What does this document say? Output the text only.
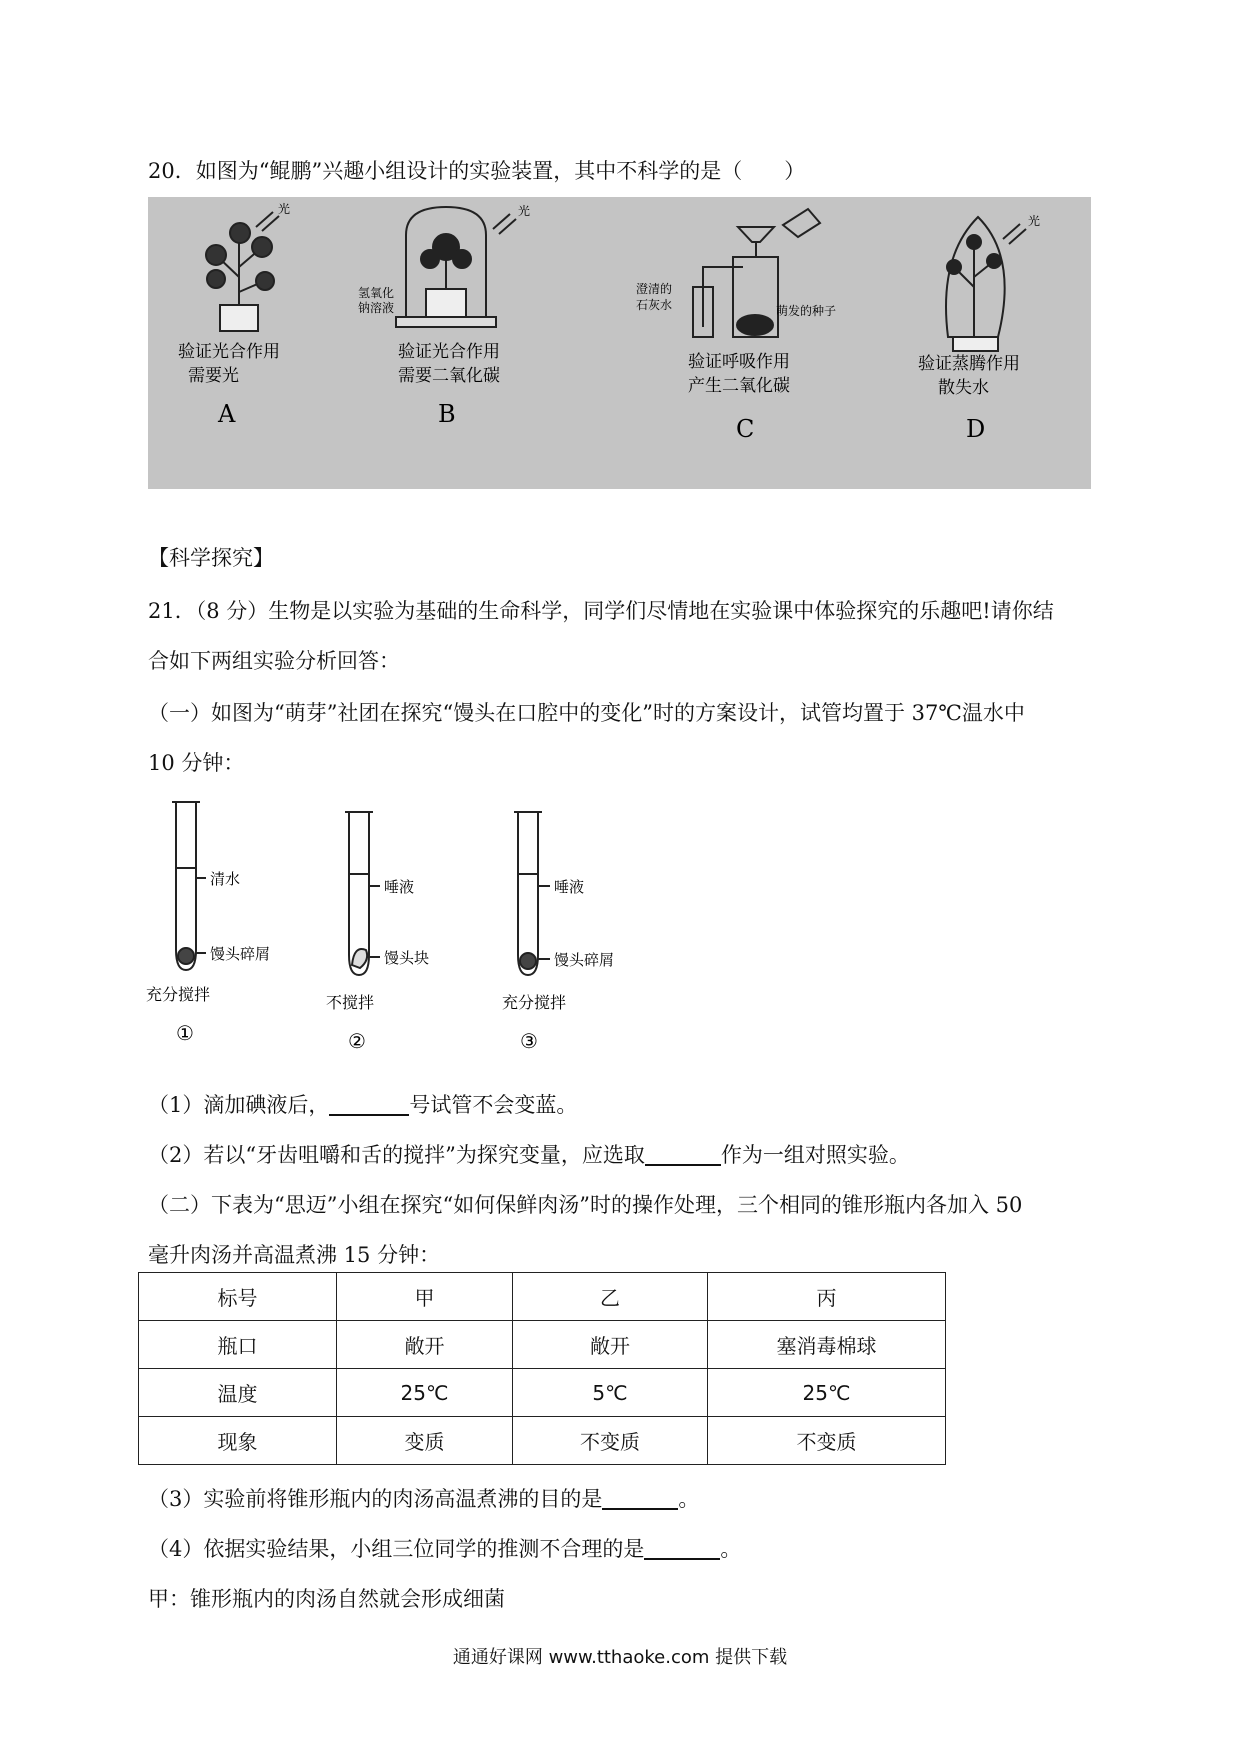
20．如图为“鲲鹏”兴趣小组设计的实验装置，其中不科学的是（　　）
光
验证光合作用
需要光
A
光
氢氧化
钠溶液
验证光合作用
需要二氧化碳
B
澄清的
石灰水	萌发的种子
验证呼吸作用
产生二氧化碳
C
光
验证蒸腾作用
散失水
D
【科学探究】
21．（8 分）生物是以实验为基础的生命科学，同学们尽情地在实验课中体验探究的乐趣吧!请你结
合如下两组实验分析回答：
（一）如图为“萌芽”社团在探究“馒头在口腔中的变化”时的方案设计，试管均置于 37℃温水中
10 分钟：
清水
馒头碎屑
充分搅拌
①
唾液
馒头块
不搅拌
②
唾液
馒头碎屑
充分搅拌
③
（1）滴加碘液后，	号试管不会变蓝。
（2）若以“牙齿咀嚼和舌的搅拌”为探究变量，应选取	作为一组对照实验。
（二）下表为“思迈”小组在探究“如何保鲜肉汤”时的操作处理，三个相同的锥形瓶内各加入 50
毫升肉汤并高温煮沸 15 分钟：
标号	甲	乙	丙
瓶口	敞开	敞开	塞消毒棉球
温度	25℃	5℃	25℃
现象	变质	不变质	不变质
（3）实验前将锥形瓶内的肉汤高温煮沸的目的是	。
（4）依据实验结果，小组三位同学的推测不合理的是	。
甲：锥形瓶内的肉汤自然就会形成细菌
通通好课网 www.tthaoke.com 提供下载
